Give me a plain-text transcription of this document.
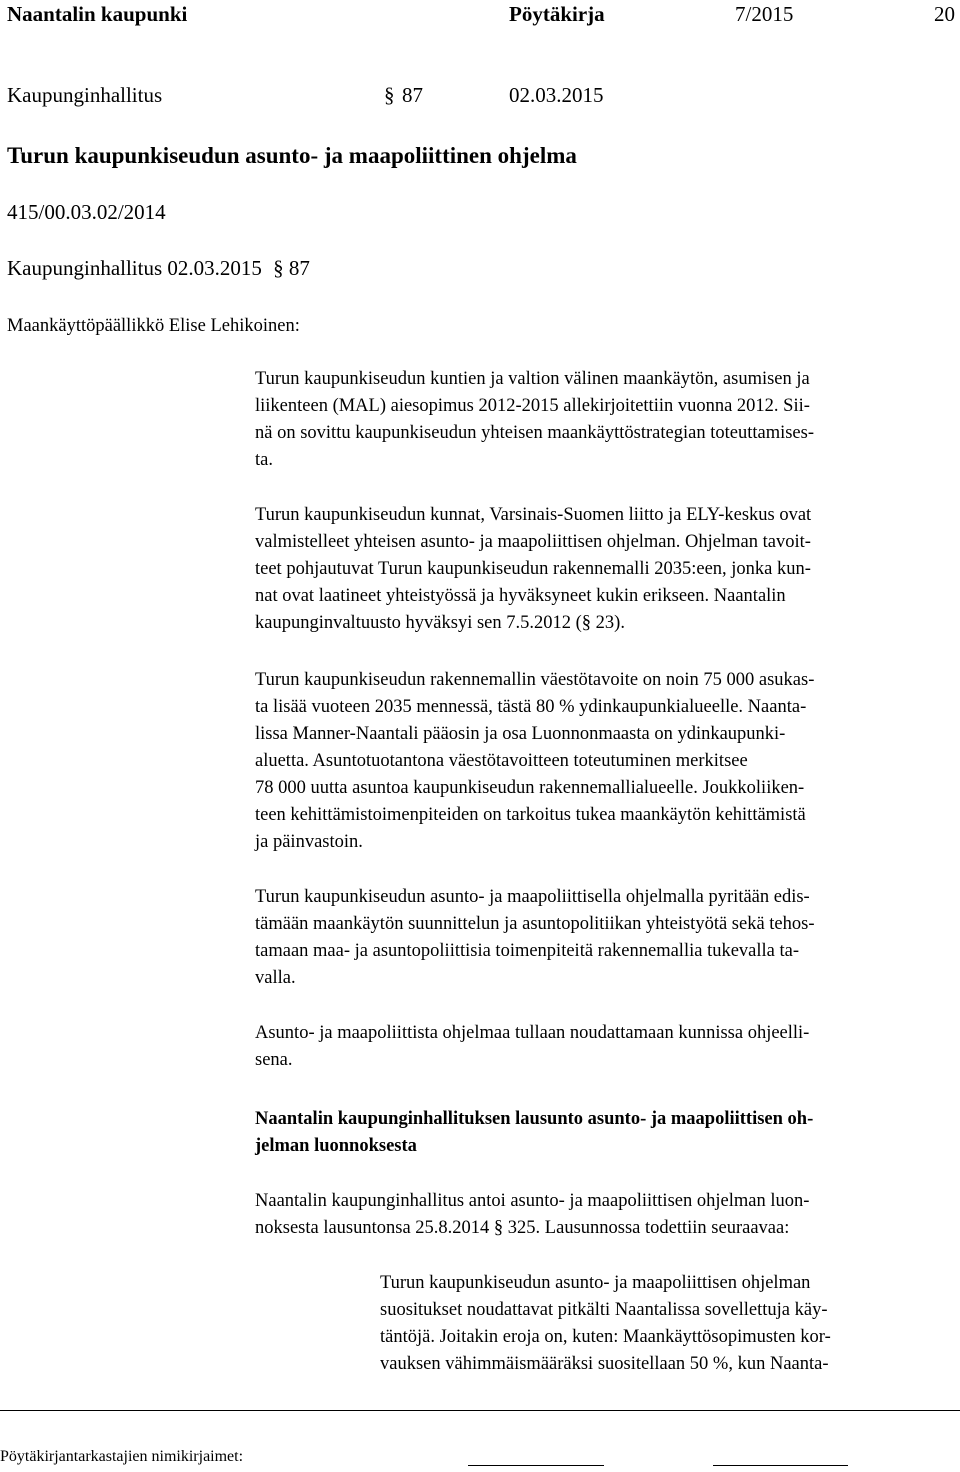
Naantalin kaupunki	Pöytäkirja	7/2015	20
Kaupunginhallitus	§ 87	02.03.2015
Turun kaupunkiseudun asunto- ja maapoliittinen ohjelma
415/00.03.02/2014
Kaupunginhallitus 02.03.2015 § 87
Maankäyttöpäällikkö Elise Lehikoinen:
Turun kaupunkiseudun kuntien ja valtion välinen maankäytön, asumisen ja
liikenteen (MAL) aiesopimus 2012-2015 allekirjoitettiin vuonna 2012. Sii-
nä on sovittu kaupunkiseudun yhteisen maankäyttöstrategian toteuttamises-
ta.
Turun kaupunkiseudun kunnat, Varsinais-Suomen liitto ja ELY-keskus ovat
valmistelleet yhteisen asunto- ja maapoliittisen ohjelman. Ohjelman tavoit-
teet pohjautuvat Turun kaupunkiseudun rakennemalli 2035:een, jonka kun-
nat ovat laatineet yhteistyössä ja hyväksyneet kukin erikseen. Naantalin
kaupunginvaltuusto hyväksyi sen 7.5.2012 (§ 23).
Turun kaupunkiseudun rakennemallin väestötavoite on noin 75 000 asukas-
ta lisää vuoteen 2035 mennessä, tästä 80 % ydinkaupunkialueelle. Naanta-
lissa Manner-Naantali pääosin ja osa Luonnonmaasta on ydinkaupunki-
aluetta. Asuntotuotantona väestötavoitteen toteutuminen merkitsee
78 000 uutta asuntoa kaupunkiseudun rakennemallialueelle. Joukkoliiken-
teen kehittämistoimenpiteiden on tarkoitus tukea maankäytön kehittämistä
ja päinvastoin.
Turun kaupunkiseudun asunto- ja maapoliittisella ohjelmalla pyritään edis-
tämään maankäytön suunnittelun ja asuntopolitiikan yhteistyötä sekä tehos-
tamaan maa- ja asuntopoliittisia toimenpiteitä rakennemallia tukevalla ta-
valla.
Asunto- ja maapoliittista ohjelmaa tullaan noudattamaan kunnissa ohjeelli-
sena.
Naantalin kaupunginhallituksen lausunto asunto- ja maapoliittisen oh-
jelman luonnoksesta
Naantalin kaupunginhallitus antoi asunto- ja maapoliittisen ohjelman luon-
noksesta lausuntonsa 25.8.2014 § 325. Lausunnossa todettiin seuraavaa:
Turun kaupunkiseudun asunto- ja maapoliittisen ohjelman
suositukset noudattavat pitkälti Naantalissa sovellettuja käy-
täntöjä. Joitakin eroja on, kuten: Maankäyttösopimusten kor-
vauksen vähimmäismääräksi suositellaan 50 %, kun Naanta-
Pöytäkirjantarkastajien nimikirjaimet:
